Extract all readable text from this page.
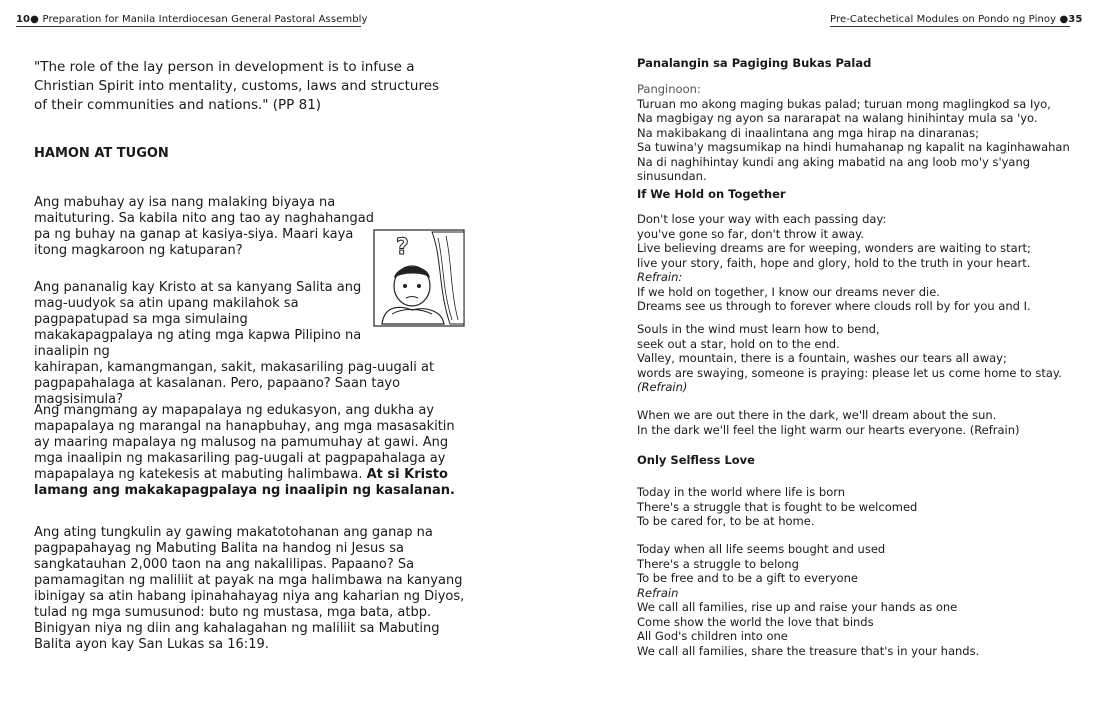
10● Preparation for Manila Interdiocesan General Pastoral Assembly

"The role of the lay person in development is to infuse a Christian Spirit into mentality, customs, laws and structures of their communities and nations." (PP 81)

HAMON AT TUGON

Ang mabuhay ay isa nang malaking biyaya na maituturing. Sa kabila nito ang tao ay naghahangad pa ng buhay na ganap at kasiya-siya. Maari kaya itong magkaroon ng katuparan?	?

Ang pananalig kay Kristo at sa kanyang Salita ang mag-uudyok sa atin upang makilahok sa pagpapatupad sa mga simulaing makakapagpalaya ng ating mga kapwa Pilipino na inaalipin ng
kahirapan, kamangmangan, sakit, makasariling pag-uugali at pagpapahalaga at kasalanan. Pero, papaano? Saan tayo magsisimula?

Ang mangmang ay mapapalaya ng edukasyon, ang dukha ay mapapalaya ng marangal na hanapbuhay, ang mga masasakitin ay maaring mapalaya ng malusog na pamumuhay at gawi. Ang mga inaalipin ng makasariling pag-uugali at pagpapahalaga ay mapapalaya ng katekesis at mabuting halimbawa. At si Kristo lamang ang makakapagpalaya ng inaalipin ng kasalanan.

Ang ating tungkulin ay gawing makatotohanan ang ganap na pagpapahayag ng Mabuting Balita na handog ni Jesus sa sangkatauhan 2,000 taon na ang nakalilipas. Papaano? Sa pamamagitan ng maliliit at payak na mga halimbawa na kanyang ibinigay sa atin habang ipinahahayag niya ang kaharian ng Diyos, tulad ng mga sumusunod: buto ng mustasa, mga bata, atbp. Binigyan niya ng diin ang kahalagahan ng maliliit sa Mabuting Balita ayon kay San Lukas sa 16:19.

Pre-Catechetical Modules on Pondo ng Pinoy ●35
Panalangin sa Pagiging Bukas Palad
Panginoon:
Turuan mo akong maging bukas palad; turuan mong maglingkod sa Iyo,
Na magbigay ng ayon sa nararapat na walang hinihintay mula sa 'yo.
Na makibakang di inaalintana ang mga hirap na dinaranas;
Sa tuwina'y magsumikap na hindi humahanap ng kapalit na kaginhawahan
Na di naghihintay kundi ang aking mabatid na ang loob mo'y s'yang
sinusundan.
If We Hold on Together
Don't lose your way with each passing day:
you've gone so far, don't throw it away.
Live believing dreams are for weeping, wonders are waiting to start;
live your story, faith, hope and glory, hold to the truth in your heart.
Refrain:
If we hold on together, I know our dreams never die.
Dreams see us through to forever where clouds roll by for you and I.
Souls in the wind must learn how to bend,
seek out a star, hold on to the end.
Valley, mountain, there is a fountain, washes our tears all away;
words are swaying, someone is praying: please let us come home to stay.
(Refrain)
When we are out there in the dark, we'll dream about the sun.
In the dark we'll feel the light warm our hearts everyone. (Refrain)
Only Selfless Love
Today in the world where life is born
There's a struggle that is fought to be welcomed
To be cared for, to be at home.
Today when all life seems bought and used
There's a struggle to belong
To be free and to be a gift to everyone
Refrain
We call all families, rise up and raise your hands as one
Come show the world the love that binds
All God's children into one
We call all families, share the treasure that's in your hands.
